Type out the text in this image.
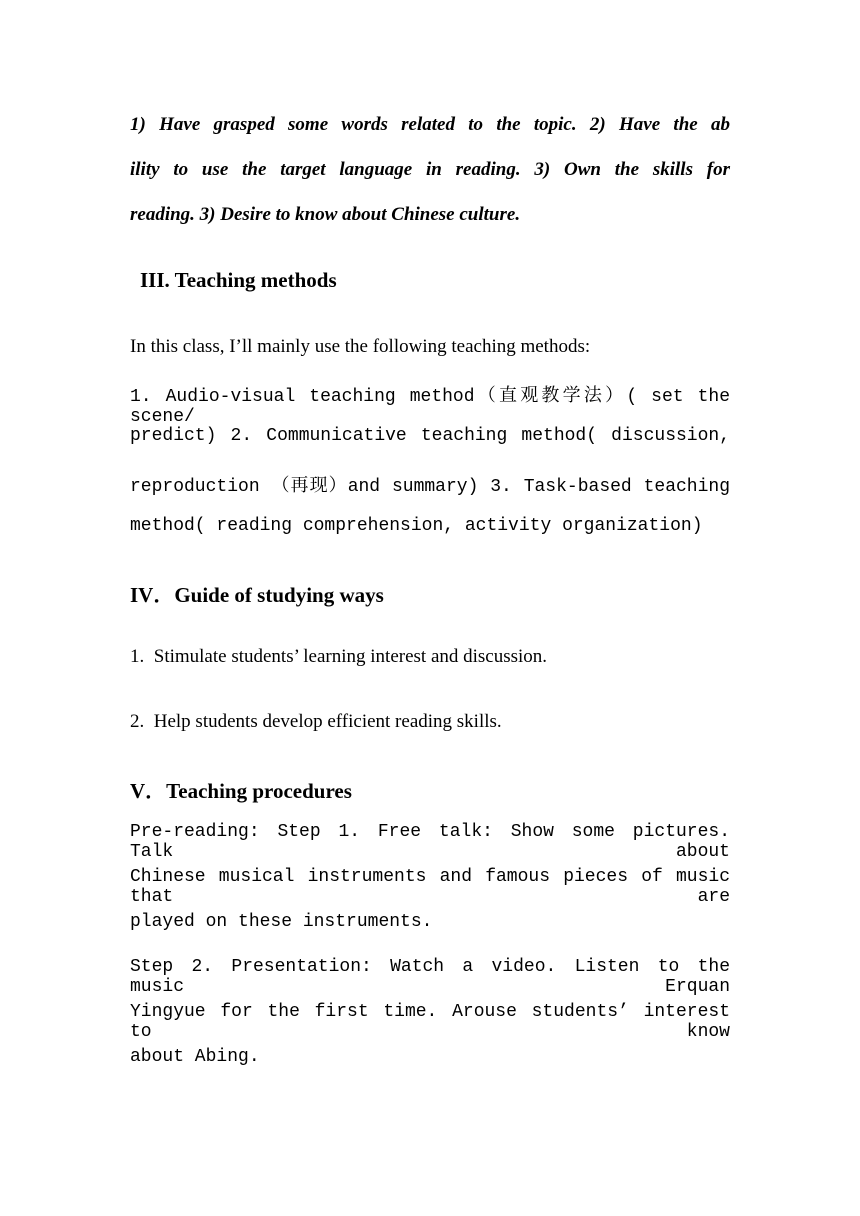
1) Have grasped some words related to the topic. 2) Have the ab
ility to use the target language in reading. 3) Own the skills for
reading. 3) Desire to know about Chinese culture.
III. Teaching methods
In this class, I’ll mainly use the following teaching methods:
1. Audio-visual teaching method（直观教学法）( set the scene/
predict) 2. Communicative teaching method( discussion,
reproduction （再现）and summary) 3. Task-based teaching
method( reading comprehension, activity organization)
IV．Guide of studying ways
1.  Stimulate students’ learning interest and discussion.
2.  Help students develop efficient reading skills.
V．Teaching procedures
Pre-reading: Step 1. Free talk: Show some pictures. Talk about
Chinese musical instruments and famous pieces of music that are
played on these instruments.
Step 2. Presentation: Watch a video. Listen to the music Erquan
Yingyue for the first time. Arouse students’ interest to know
about Abing.
